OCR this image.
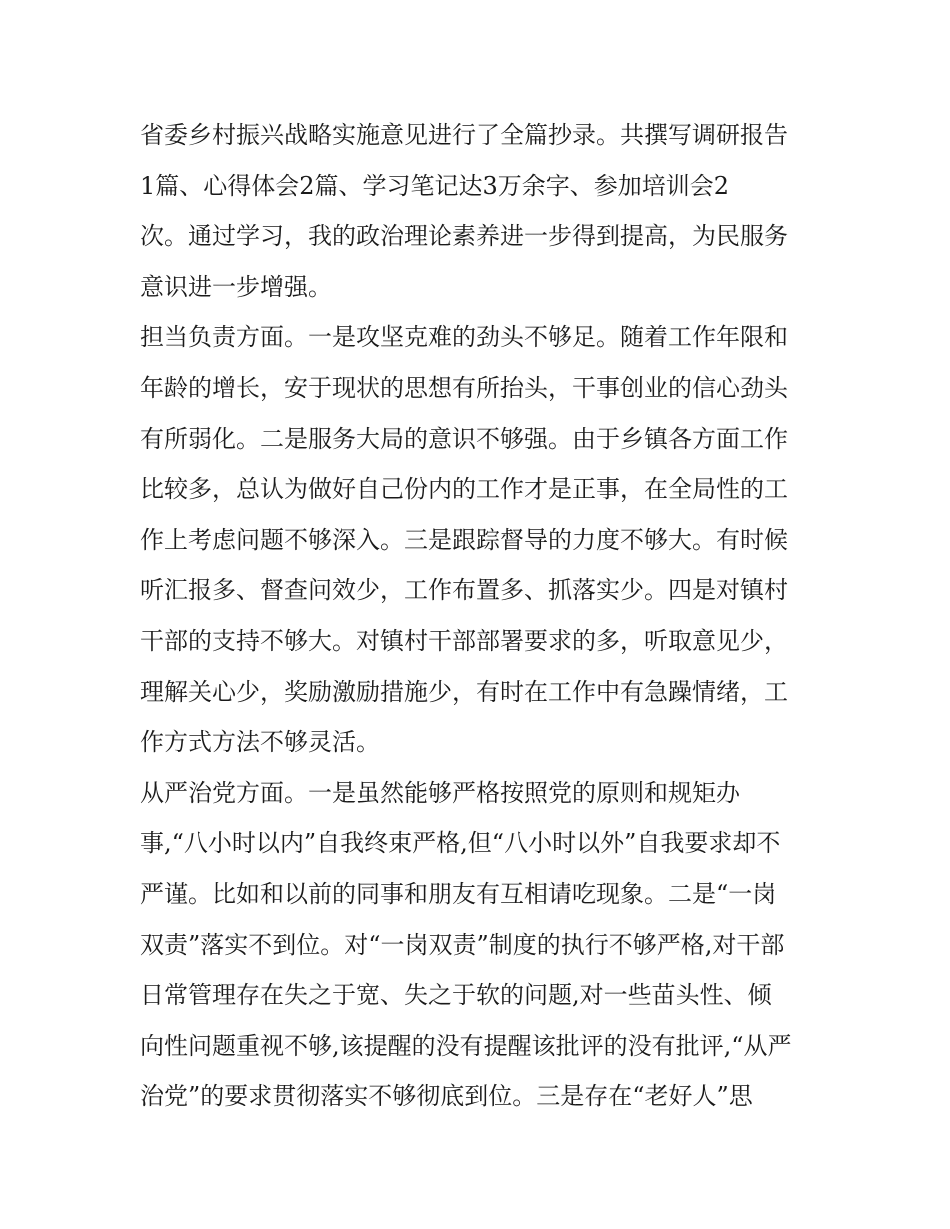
省委乡村振兴战略实施意见进行了全篇抄录。共撰写调研报告
1篇、心得体会2篇、学习笔记达3万余字、参加培训会2
次。通过学习，我的政治理论素养进一步得到提高，为民服务
意识进一步增强。
担当负责方面。一是攻坚克难的劲头不够足。随着工作年限和
年龄的增长，安于现状的思想有所抬头，干事创业的信心劲头
有所弱化。二是服务大局的意识不够强。由于乡镇各方面工作
比较多，总认为做好自己份内的工作才是正事，在全局性的工
作上考虑问题不够深入。三是跟踪督导的力度不够大。有时候
听汇报多、督查问效少，工作布置多、抓落实少。四是对镇村
干部的支持不够大。对镇村干部部署要求的多，听取意见少，
理解关心少，奖励激励措施少，有时在工作中有急躁情绪，工
作方式方法不够灵活。
从严治党方面。一是虽然能够严格按照党的原则和规矩办
事,“八小时以内”自我终束严格,但“八小时以外”自我要求却不
严谨。比如和以前的同事和朋友有互相请吃现象。二是“一岗
双责”落实不到位。对“一岗双责”制度的执行不够严格,对干部
日常管理存在失之于宽、失之于软的问题,对一些苗头性、倾
向性问题重视不够,该提醒的没有提醒该批评的没有批评,“从严
治党”的要求贯彻落实不够彻底到位。三是存在“老好人”思
